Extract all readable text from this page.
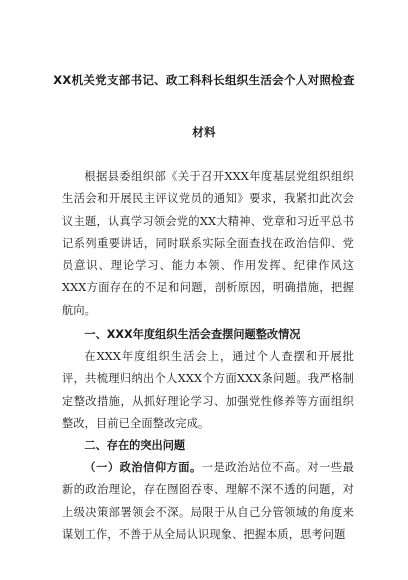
XX机关党支部书记、政工科科长组织生活会个人对照检查
材料

根据县委组织部《关于召开XXX年度基层党组织组织生活会和开展民主评议党员的通知》要求，我紧扣此次会议主题，认真学习领会党的XX大精神、党章和习近平总书记系列重要讲话，同时联系实际全面查找在政治信仰、党员意识、理论学习、能力本领、作用发挥、纪律作风这XXX方面存在的不足和问题，剖析原因，明确措施，把握航向。

一、XXX年度组织生活会查摆问题整改情况

在XXX年度组织生活会上，通过个人查摆和开展批评，共梳理归纳出个人XXX个方面XXX条问题。我严格制定整改措施，从抓好理论学习、加强党性修养等方面组织整改，目前已全面整改完成。

二、存在的突出问题

（一）政治信仰方面。一是政治站位不高。对一些最新的政治理论，存在囫囵吞枣、理解不深不透的问题，对上级决策部署领会不深。局限于从自己分管领域的角度来谋划工作，不善于从全局认识现象、把握本质，思考问题
